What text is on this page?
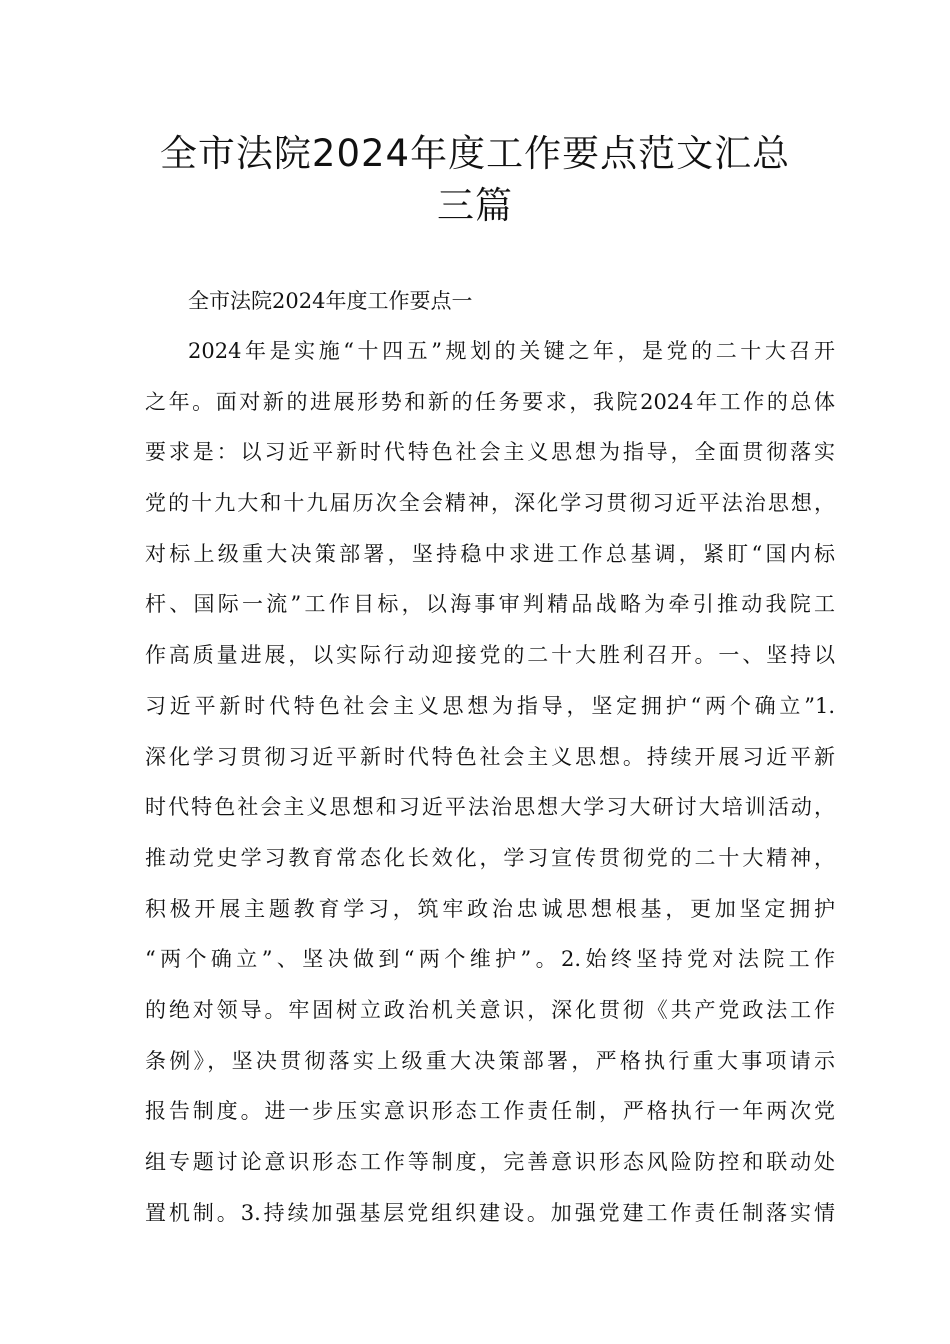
全市法院2024年度工作要点范文汇总
三篇

全市法院2024年度工作要点一

2024年是实施“十四五”规划的关键之年，是党的二十大召开
之年。面对新的进展形势和新的任务要求，我院2024年工作的总体
要求是：以习近平新时代特色社会主义思想为指导，全面贯彻落实
党的十九大和十九届历次全会精神，深化学习贯彻习近平法治思想，
对标上级重大决策部署，坚持稳中求进工作总基调，紧盯“国内标
杆、国际一流”工作目标，以海事审判精品战略为牵引推动我院工
作高质量进展，以实际行动迎接党的二十大胜利召开。一、坚持以
习近平新时代特色社会主义思想为指导，坚定拥护“两个确立”1.
深化学习贯彻习近平新时代特色社会主义思想。持续开展习近平新
时代特色社会主义思想和习近平法治思想大学习大研讨大培训活动，
推动党史学习教育常态化长效化，学习宣传贯彻党的二十大精神，
积极开展主题教育学习，筑牢政治忠诚思想根基，更加坚定拥护
“两个确立”、坚决做到“两个维护”。2.始终坚持党对法院工作
的绝对领导。牢固树立政治机关意识，深化贯彻《共产党政法工作
条例》，坚决贯彻落实上级重大决策部署，严格执行重大事项请示
报告制度。进一步压实意识形态工作责任制，严格执行一年两次党
组专题讨论意识形态工作等制度，完善意识形态风险防控和联动处
置机制。3.持续加强基层党组织建设。加强党建工作责任制落实情
